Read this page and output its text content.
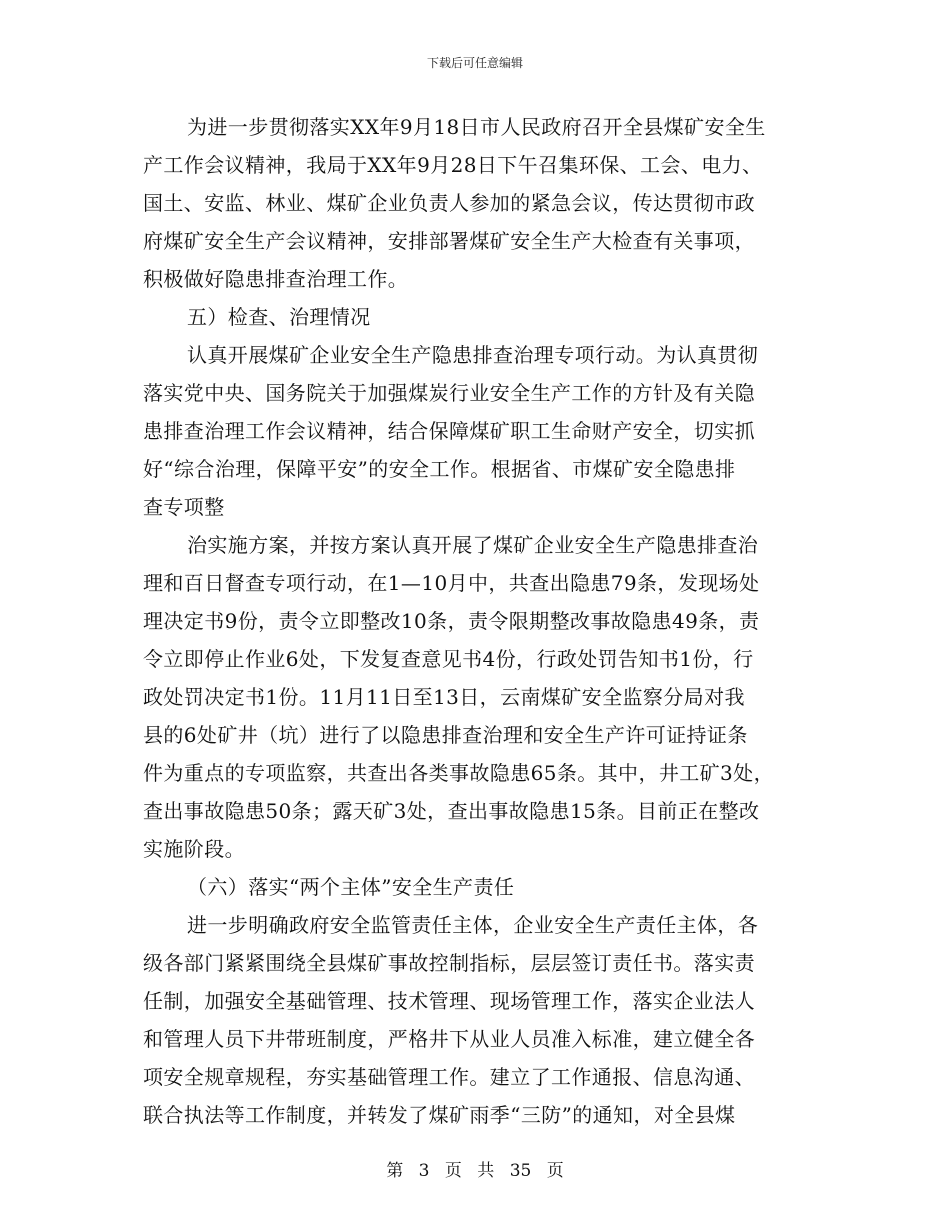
下载后可任意编辑
为进一步贯彻落实XX年9月18日市人民政府召开全县煤矿安全生
产工作会议精神，我局于XX年9月28日下午召集环保、工会、电力、
国土、安监、林业、煤矿企业负责人参加的紧急会议，传达贯彻市政
府煤矿安全生产会议精神，安排部署煤矿安全生产大检查有关事项，
积极做好隐患排查治理工作。
五）检查、治理情况
认真开展煤矿企业安全生产隐患排查治理专项行动。为认真贯彻
落实党中央、国务院关于加强煤炭行业安全生产工作的方针及有关隐
患排查治理工作会议精神，结合保障煤矿职工生命财产安全，切实抓
好“综合治理，保障平安”的安全工作。根据省、市煤矿安全隐患排
查专项整
治实施方案，并按方案认真开展了煤矿企业安全生产隐患排查治
理和百日督查专项行动，在1—10月中，共查出隐患79条，发现场处
理决定书9份，责令立即整改10条，责令限期整改事故隐患49条，责
令立即停止作业6处，下发复查意见书4份，行政处罚告知书1份，行
政处罚决定书1份。11月11日至13日，云南煤矿安全监察分局对我
县的6处矿井（坑）进行了以隐患排查治理和安全生产许可证持证条
件为重点的专项监察，共查出各类事故隐患65条。其中，井工矿3处，
查出事故隐患50条；露天矿3处，查出事故隐患15条。目前正在整改
实施阶段。
（六）落实“两个主体”安全生产责任
进一步明确政府安全监管责任主体，企业安全生产责任主体，各
级各部门紧紧围绕全县煤矿事故控制指标，层层签订责任书。落实责
任制，加强安全基础管理、技术管理、现场管理工作，落实企业法人
和管理人员下井带班制度，严格井下从业人员准入标准，建立健全各
项安全规章规程，夯实基础管理工作。建立了工作通报、信息沟通、
联合执法等工作制度，并转发了煤矿雨季“三防”的通知，对全县煤
第 3 页 共 35 页
